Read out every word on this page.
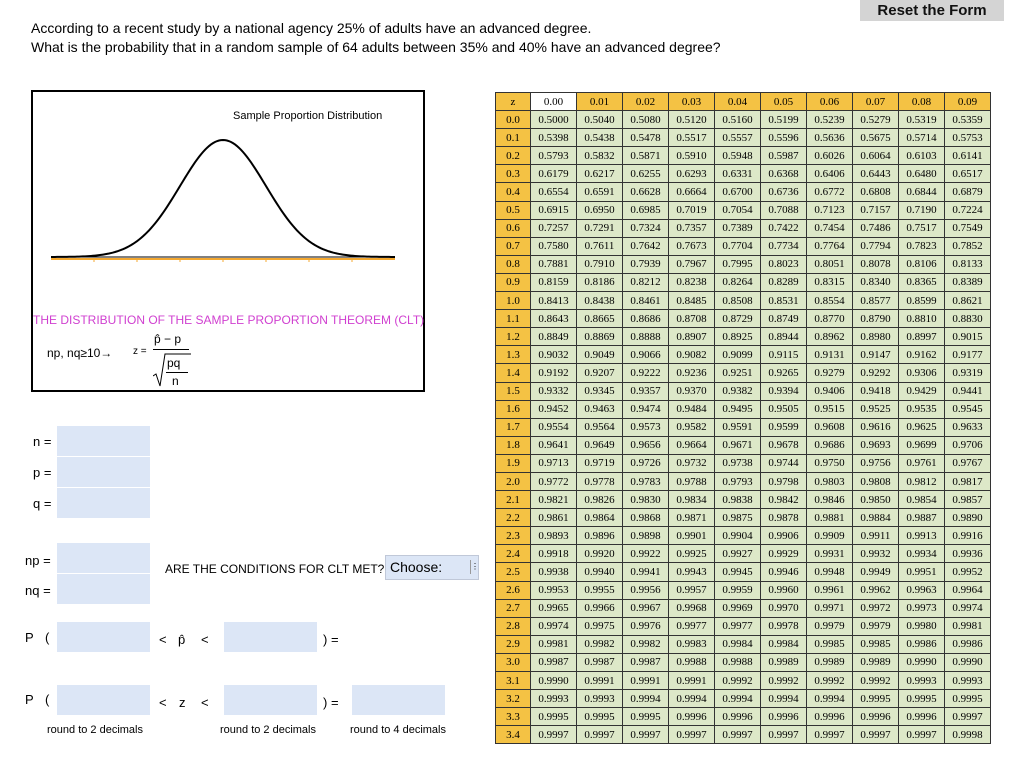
Reset the Form
According to a recent study by a national agency 25% of adults have an advanced degree.
What is the probability that in a random sample of 64 adults between 35% and 40% have an advanced degree?
Sample Proportion Distribution
THE DISTRIBUTION OF THE SAMPLE PROPORTION THEOREM (CLT)
np, nq≥10→ z =
p̂ − p
pq
n
n =
p =
q =
np =
nq =
ARE THE CONDITIONS FOR CLT MET? Choose:	⋮
P (	< p̂ <	) =
P (	< z <	) =
round to 2 decimals	round to 2 decimals	round to 4 decimals
z	0.00	0.01	0.02	0.03	0.04	0.05	0.06	0.07	0.08	0.09
0.0	0.5000	0.5040	0.5080	0.5120	0.5160	0.5199	0.5239	0.5279	0.5319	0.5359
0.1	0.5398	0.5438	0.5478	0.5517	0.5557	0.5596	0.5636	0.5675	0.5714	0.5753
0.2	0.5793	0.5832	0.5871	0.5910	0.5948	0.5987	0.6026	0.6064	0.6103	0.6141
0.3	0.6179	0.6217	0.6255	0.6293	0.6331	0.6368	0.6406	0.6443	0.6480	0.6517
0.4	0.6554	0.6591	0.6628	0.6664	0.6700	0.6736	0.6772	0.6808	0.6844	0.6879
0.5	0.6915	0.6950	0.6985	0.7019	0.7054	0.7088	0.7123	0.7157	0.7190	0.7224
0.6	0.7257	0.7291	0.7324	0.7357	0.7389	0.7422	0.7454	0.7486	0.7517	0.7549
0.7	0.7580	0.7611	0.7642	0.7673	0.7704	0.7734	0.7764	0.7794	0.7823	0.7852
0.8	0.7881	0.7910	0.7939	0.7967	0.7995	0.8023	0.8051	0.8078	0.8106	0.8133
0.9	0.8159	0.8186	0.8212	0.8238	0.8264	0.8289	0.8315	0.8340	0.8365	0.8389
1.0	0.8413	0.8438	0.8461	0.8485	0.8508	0.8531	0.8554	0.8577	0.8599	0.8621
1.1	0.8643	0.8665	0.8686	0.8708	0.8729	0.8749	0.8770	0.8790	0.8810	0.8830
1.2	0.8849	0.8869	0.8888	0.8907	0.8925	0.8944	0.8962	0.8980	0.8997	0.9015
1.3	0.9032	0.9049	0.9066	0.9082	0.9099	0.9115	0.9131	0.9147	0.9162	0.9177
1.4	0.9192	0.9207	0.9222	0.9236	0.9251	0.9265	0.9279	0.9292	0.9306	0.9319
1.5	0.9332	0.9345	0.9357	0.9370	0.9382	0.9394	0.9406	0.9418	0.9429	0.9441
1.6	0.9452	0.9463	0.9474	0.9484	0.9495	0.9505	0.9515	0.9525	0.9535	0.9545
1.7	0.9554	0.9564	0.9573	0.9582	0.9591	0.9599	0.9608	0.9616	0.9625	0.9633
1.8	0.9641	0.9649	0.9656	0.9664	0.9671	0.9678	0.9686	0.9693	0.9699	0.9706
1.9	0.9713	0.9719	0.9726	0.9732	0.9738	0.9744	0.9750	0.9756	0.9761	0.9767
2.0	0.9772	0.9778	0.9783	0.9788	0.9793	0.9798	0.9803	0.9808	0.9812	0.9817
2.1	0.9821	0.9826	0.9830	0.9834	0.9838	0.9842	0.9846	0.9850	0.9854	0.9857
2.2	0.9861	0.9864	0.9868	0.9871	0.9875	0.9878	0.9881	0.9884	0.9887	0.9890
2.3	0.9893	0.9896	0.9898	0.9901	0.9904	0.9906	0.9909	0.9911	0.9913	0.9916
2.4	0.9918	0.9920	0.9922	0.9925	0.9927	0.9929	0.9931	0.9932	0.9934	0.9936
2.5	0.9938	0.9940	0.9941	0.9943	0.9945	0.9946	0.9948	0.9949	0.9951	0.9952
2.6	0.9953	0.9955	0.9956	0.9957	0.9959	0.9960	0.9961	0.9962	0.9963	0.9964
2.7	0.9965	0.9966	0.9967	0.9968	0.9969	0.9970	0.9971	0.9972	0.9973	0.9974
2.8	0.9974	0.9975	0.9976	0.9977	0.9977	0.9978	0.9979	0.9979	0.9980	0.9981
2.9	0.9981	0.9982	0.9982	0.9983	0.9984	0.9984	0.9985	0.9985	0.9986	0.9986
3.0	0.9987	0.9987	0.9987	0.9988	0.9988	0.9989	0.9989	0.9989	0.9990	0.9990
3.1	0.9990	0.9991	0.9991	0.9991	0.9992	0.9992	0.9992	0.9992	0.9993	0.9993
3.2	0.9993	0.9993	0.9994	0.9994	0.9994	0.9994	0.9994	0.9995	0.9995	0.9995
3.3	0.9995	0.9995	0.9995	0.9996	0.9996	0.9996	0.9996	0.9996	0.9996	0.9997
3.4	0.9997	0.9997	0.9997	0.9997	0.9997	0.9997	0.9997	0.9997	0.9997	0.9998
